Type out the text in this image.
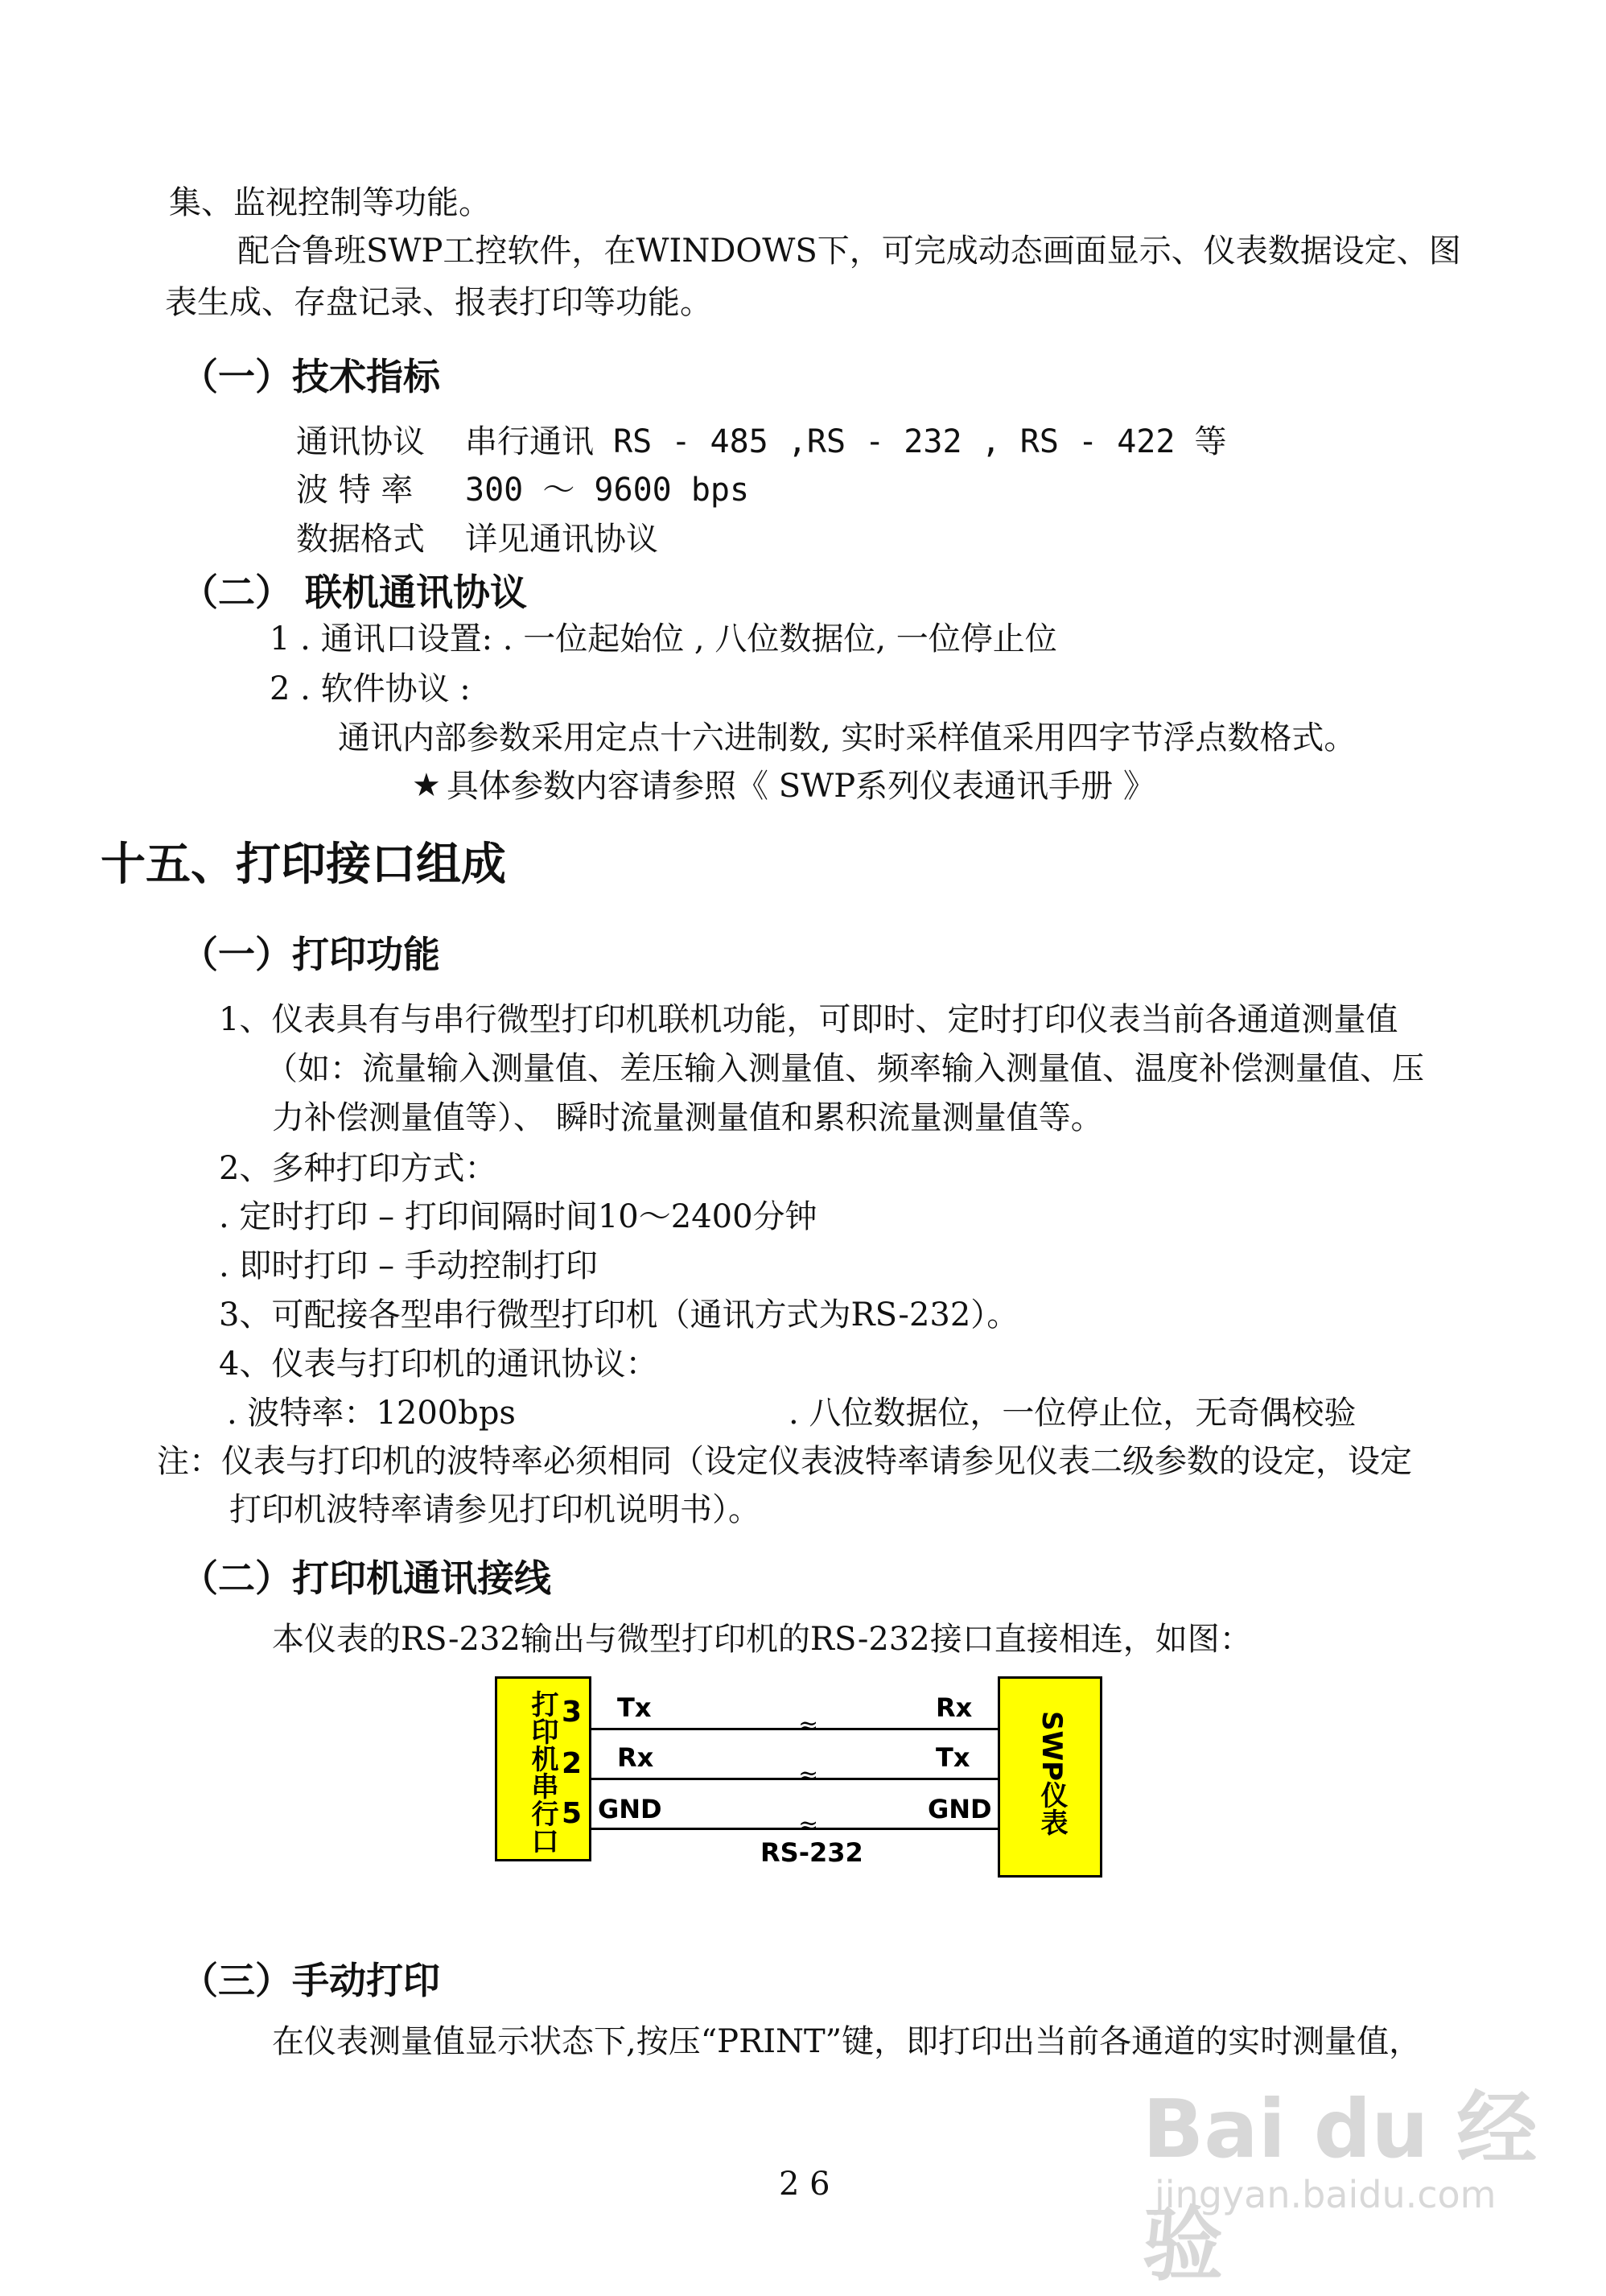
集、监视控制等功能。
配合鲁班SWP工控软件，在WINDOWS下，可完成动态画面显示、仪表数据设定、图
表生成、存盘记录、报表打印等功能。
（一）技术指标
通讯协议 串行通讯 RS - 485 ,RS - 232 , RS - 422 等
波 特 率 300 ～ 9600 bps
数据格式 详见通讯协议
（二） 联机通讯协议
1 . 通讯口设置: . 一位起始位 , 八位数据位, 一位停止位
2 . 软件协议 :
通讯内部参数采用定点十六进制数, 实时采样值采用四字节浮点数格式。
★ 具体参数内容请参照《 SWP系列仪表通讯手册 》
十五、打印接口组成
（一）打印功能
1、仪表具有与串行微型打印机联机功能，可即时、定时打印仪表当前各通道测量值
（如：流量输入测量值、差压输入测量值、频率输入测量值、温度补偿测量值、压
力补偿测量值等）、 瞬时流量测量值和累积流量测量值等。
2、多种打印方式：
. 定时打印 – 打印间隔时间10～2400分钟
. 即时打印 – 手动控制打印
3、可配接各型串行微型打印机（通讯方式为RS-232）。
4、仪表与打印机的通讯协议：
. 波特率：1200bps	. 八位数据位，一位停止位，无奇偶校验
注：仪表与打印机的波特率必须相同（设定仪表波特率请参见仪表二级参数的设定，设定
打印机波特率请参见打印机说明书）。
（二）打印机通讯接线
本仪表的RS-232输出与微型打印机的RS-232接口直接相连，如图：
打印机串行口	SWP仪表
3
2
5
≈
≈
≈
Tx
Rx
GND
Rx
Tx
GND
RS-232
（三）手动打印
在仪表测量值显示状态下,按压“PRINT”键，即打印出当前各通道的实时测量值，
Bai du 经验
jingyan.baidu.com
2 6
